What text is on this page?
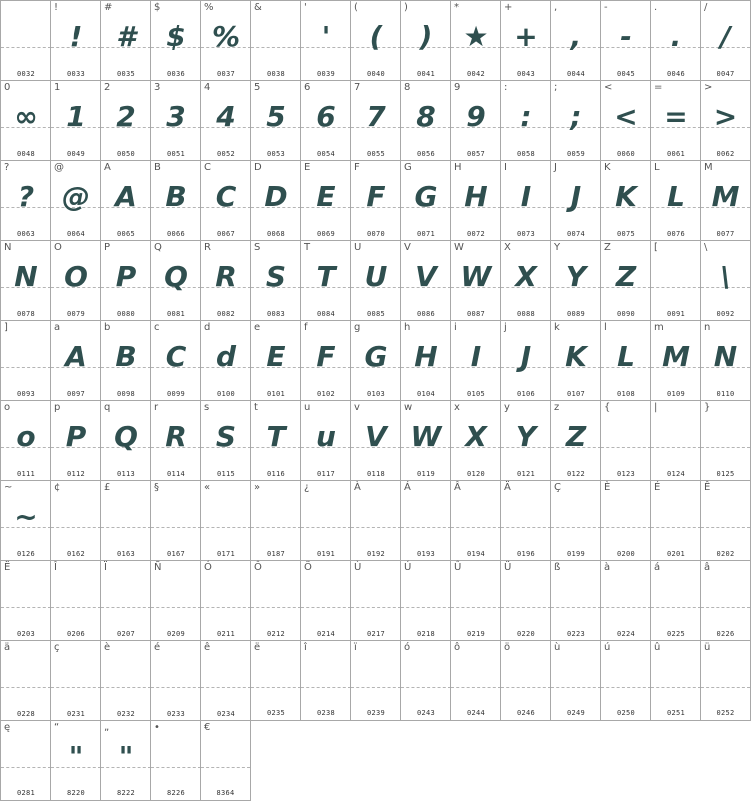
0032
!
!
0033
#
#
0035
$
$
0036
%
%
0037
&
0038
'
'
0039
(
(
0040
)
)
0041
*
★
0042
+
+
0043
,
,
0044
-
-
0045
.
.
0046
/
/
0047
0
∞
0048
1
1
0049
2
2
0050
3
3
0051
4
4
0052
5
5
0053
6
6
0054
7
7
0055
8
8
0056
9
9
0057
:
:
0058
;
;
0059
<
<
0060
=
=
0061
>
>
0062
?
?
0063
@
@
0064
A
A
0065
B
B
0066
C
C
0067
D
D
0068
E
E
0069
F
F
0070
G
G
0071
H
H
0072
I
I
0073
J
J
0074
K
K
0075
L
L
0076
M
M
0077
N
N
0078
O
O
0079
P
P
0080
Q
Q
0081
R
R
0082
S
S
0083
T
T
0084
U
U
0085
V
V
0086
W
W
0087
X
X
0088
Y
Y
0089
Z
Z
0090
[
0091
\
\
0092
]
0093
a
A
0097
b
B
0098
c
C
0099
d
d
0100
e
E
0101
f
F
0102
g
G
0103
h
H
0104
i
I
0105
j
J
0106
k
K
0107
l
L
0108
m
M
0109
n
N
0110
o
o
0111
p
P
0112
q
Q
0113
r
R
0114
s
S
0115
t
T
0116
u
u
0117
v
V
0118
w
W
0119
x
X
0120
y
Y
0121
z
Z
0122
{
0123
|
0124
}
0125
~
~
0126
¢
0162
£
0163
§
0167
«
0171
»
0187
¿
0191
À
0192
Á
0193
Â
0194
Ä
0196
Ç
0199
È
0200
É
0201
Ê
0202
Ë
0203
Î
0206
Ï
0207
Ñ
0209
Ó
0211
Ô
0212
Ö
0214
Ù
0217
Ú
0218
Û
0219
Ü
0220
ß
0223
à
0224
á
0225
â
0226
ä
0228
ç
0231
è
0232
é
0233
ê
0234
ë
0235
î
0238
ï
0239
ó
0243
ô
0244
ö
0246
ù
0249
ú
0250
û
0251
ü
0252
ę
0281
“
"
8220
„
"
8222
•
8226
€
8364
